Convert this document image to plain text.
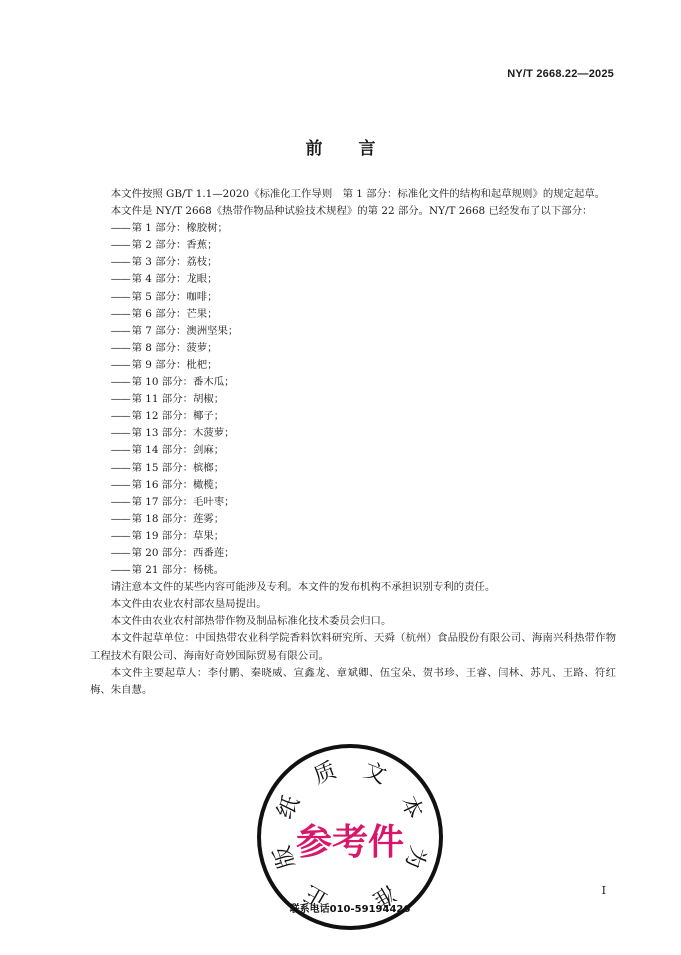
NY/T 2668.22—2025
前 言

本文件按照 GB/T 1.1—2020《标准化工作导则　第 1 部分：标准化文件的结构和起草规则》的规定起草。

本文件是 NY/T 2668《热带作物品种试验技术规程》的第 22 部分。NY/T 2668 已经发布了以下部分：

—— 第 1 部分：橡胶树；
—— 第 2 部分：香蕉；
—— 第 3 部分：荔枝；
—— 第 4 部分：龙眼；
—— 第 5 部分：咖啡；
—— 第 6 部分：芒果；
—— 第 7 部分：澳洲坚果；
—— 第 8 部分：菠萝；
—— 第 9 部分：枇杷；
—— 第 10 部分：番木瓜；
—— 第 11 部分：胡椒；
—— 第 12 部分：椰子；
—— 第 13 部分：木菠萝；
—— 第 14 部分：剑麻；
—— 第 15 部分：槟榔；
—— 第 16 部分：橄榄；
—— 第 17 部分：毛叶枣；
—— 第 18 部分：莲雾；
—— 第 19 部分：草果；
—— 第 20 部分：西番莲；
—— 第 21 部分：杨桃。

请注意本文件的某些内容可能涉及专利。本文件的发布机构不承担识别专利的责任。

本文件由农业农村部农垦局提出。

本文件由农业农村部热带作物及制品标准化技术委员会归口。

本文件起草单位：中国热带农业科学院香料饮料研究所、天舜（杭州）食品股份有限公司、海南兴科热带作物工程技术有限公司、海南好奇妙国际贸易有限公司。

本文件主要起草人：李付鹏、秦晓威、宣鑫龙、章斌卿、伍宝朵、贺书珍、王睿、闫林、苏凡、王路、符红梅、朱自慧。

正
版
纸
质 文
本
为
准
参考件
联系电话010-59194426
I
